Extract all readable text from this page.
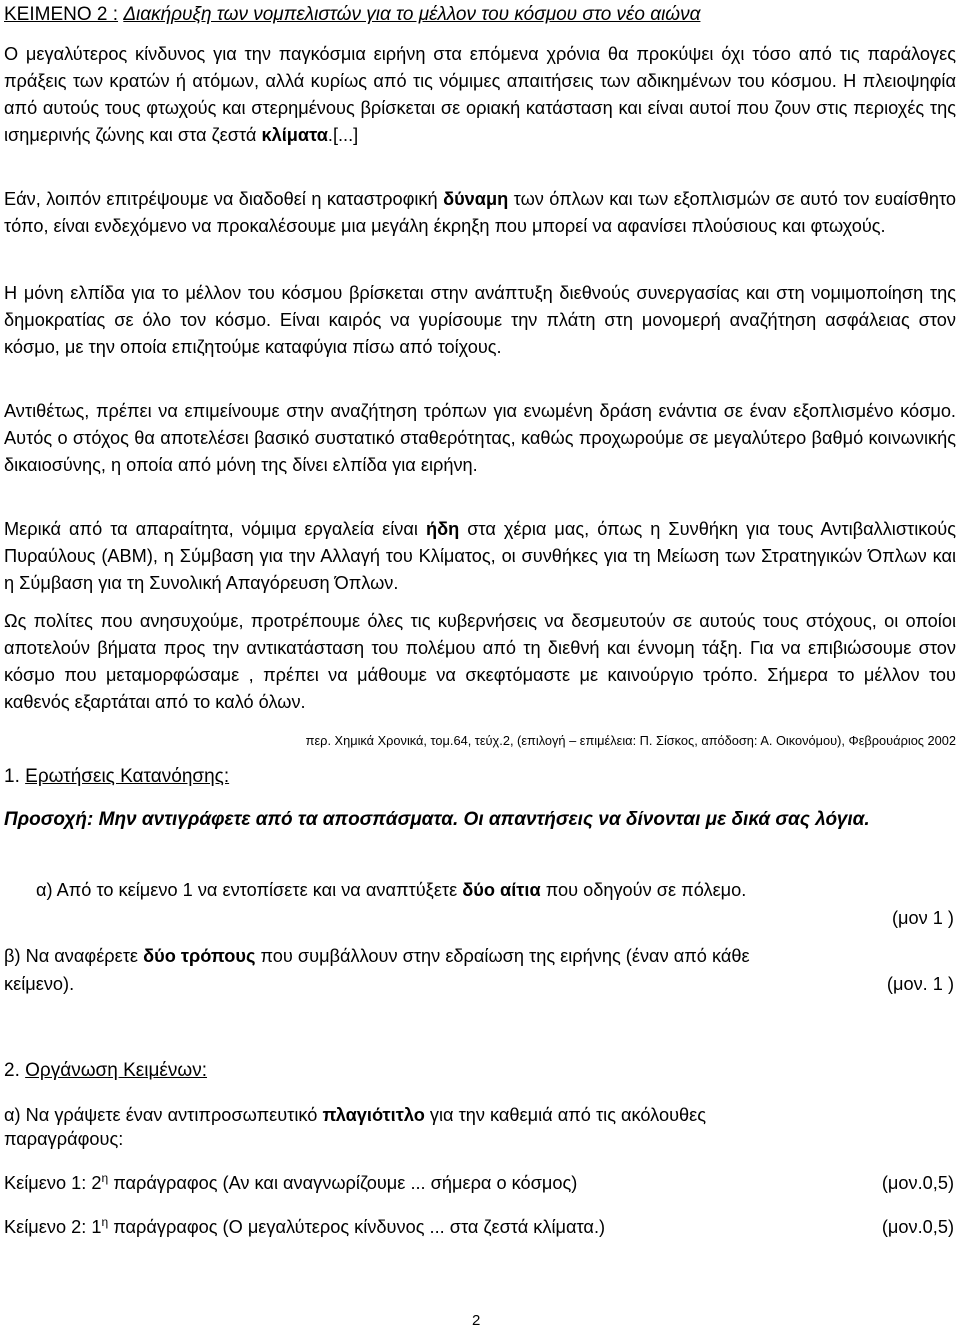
ΚΕΙΜΕΝΟ 2 : Διακήρυξη των νομπελιστών για το μέλλον του κόσμου στο νέο αιώνα

Ο μεγαλύτερος κίνδυνος για την παγκόσμια ειρήνη στα επόμενα χρόνια θα προκύψει όχι τόσο από τις παράλογες πράξεις των κρατών ή ατόμων, αλλά κυρίως από τις νόμιμες απαιτήσεις των αδικημένων του κόσμου. Η πλειοψηφία από αυτούς τους φτωχούς και στερημένους βρίσκεται σε οριακή κατάσταση και είναι αυτοί που ζουν στις περιοχές της ισημερινής ζώνης και στα ζεστά κλίματα.[...]

Εάν, λοιπόν επιτρέψουμε να διαδοθεί η καταστροφική δύναμη των όπλων και των εξοπλισμών σε αυτό τον ευαίσθητο τόπο, είναι ενδεχόμενο να προκαλέσουμε μια μεγάλη έκρηξη που μπορεί να αφανίσει πλούσιους και φτωχούς.

Η μόνη ελπίδα για το μέλλον του κόσμου βρίσκεται στην ανάπτυξη διεθνούς συνεργασίας και στη νομιμοποίηση της δημοκρατίας σε όλο τον κόσμο. Είναι καιρός να γυρίσουμε την πλάτη στη μονομερή αναζήτηση ασφάλειας στον κόσμο, με την οποία επιζητούμε καταφύγια πίσω από τοίχους.

Αντιθέτως, πρέπει να επιμείνουμε στην αναζήτηση τρόπων για ενωμένη δράση ενάντια σε έναν εξοπλισμένο κόσμο. Αυτός ο στόχος θα αποτελέσει βασικό συστατικό σταθερότητας, καθώς προχωρούμε σε μεγαλύτερο βαθμό κοινωνικής δικαιοσύνης, η οποία από μόνη της δίνει ελπίδα για ειρήνη.

Μερικά από τα απαραίτητα, νόμιμα εργαλεία είναι ήδη στα χέρια μας, όπως η Συνθήκη για τους Αντιβαλλιστικούς Πυραύλους (ΑΒΜ), η Σύμβαση για την Αλλαγή του Κλίματος, οι συνθήκες για τη Μείωση των Στρατηγικών Όπλων και η Σύμβαση για τη Συνολική Απαγόρευση Όπλων.

Ως πολίτες που ανησυχούμε, προτρέπουμε όλες τις κυβερνήσεις να δεσμευτούν σε αυτούς τους στόχους, οι οποίοι αποτελούν βήματα προς την αντικατάσταση του πολέμου από τη διεθνή και έννομη τάξη. Για να επιβιώσουμε στον κόσμο που μεταμορφώσαμε , πρέπει να μάθουμε να σκεφτόμαστε με καινούργιο τρόπο. Σήμερα το μέλλον του καθενός εξαρτάται από το καλό όλων.

περ. Χημικά Χρονικά, τομ.64, τεύχ.2, (επιλογή – επιμέλεια: Π. Σίσκος, απόδοση: Α. Οικονόμου), Φεβρουάριος 2002
1. Ερωτήσεις Κατανόησης:
Προσοχή: Μην αντιγράφετε από τα αποσπάσματα. Οι απαντήσεις να δίνονται με δικά σας λόγια.
α) Από το κείμενο 1 να εντοπίσετε και να αναπτύξετε δύο αίτια που οδηγούν σε πόλεμο.
(μον 1 )
β) Να αναφέρετε δύο τρόπους που συμβάλλουν στην εδραίωση της ειρήνης (έναν από κάθε
κείμενο).	(μον. 1 )
2. Οργάνωση Κειμένων:
α) Να γράψετε έναν αντιπροσωπευτικό πλαγιότιτλο για την καθεμιά από τις ακόλουθες
παραγράφους:
Κείμενο 1: $2^\eta$ παράγραφος (Αν και αναγνωρίζουμε ... σήμερα ο κόσμος)	(μον.0,5)
Κείμενο 2: $1^\eta$ παράγραφος (Ο μεγαλύτερος κίνδυνος ... στα ζεστά κλίματα.)	(μον.0,5)
2
